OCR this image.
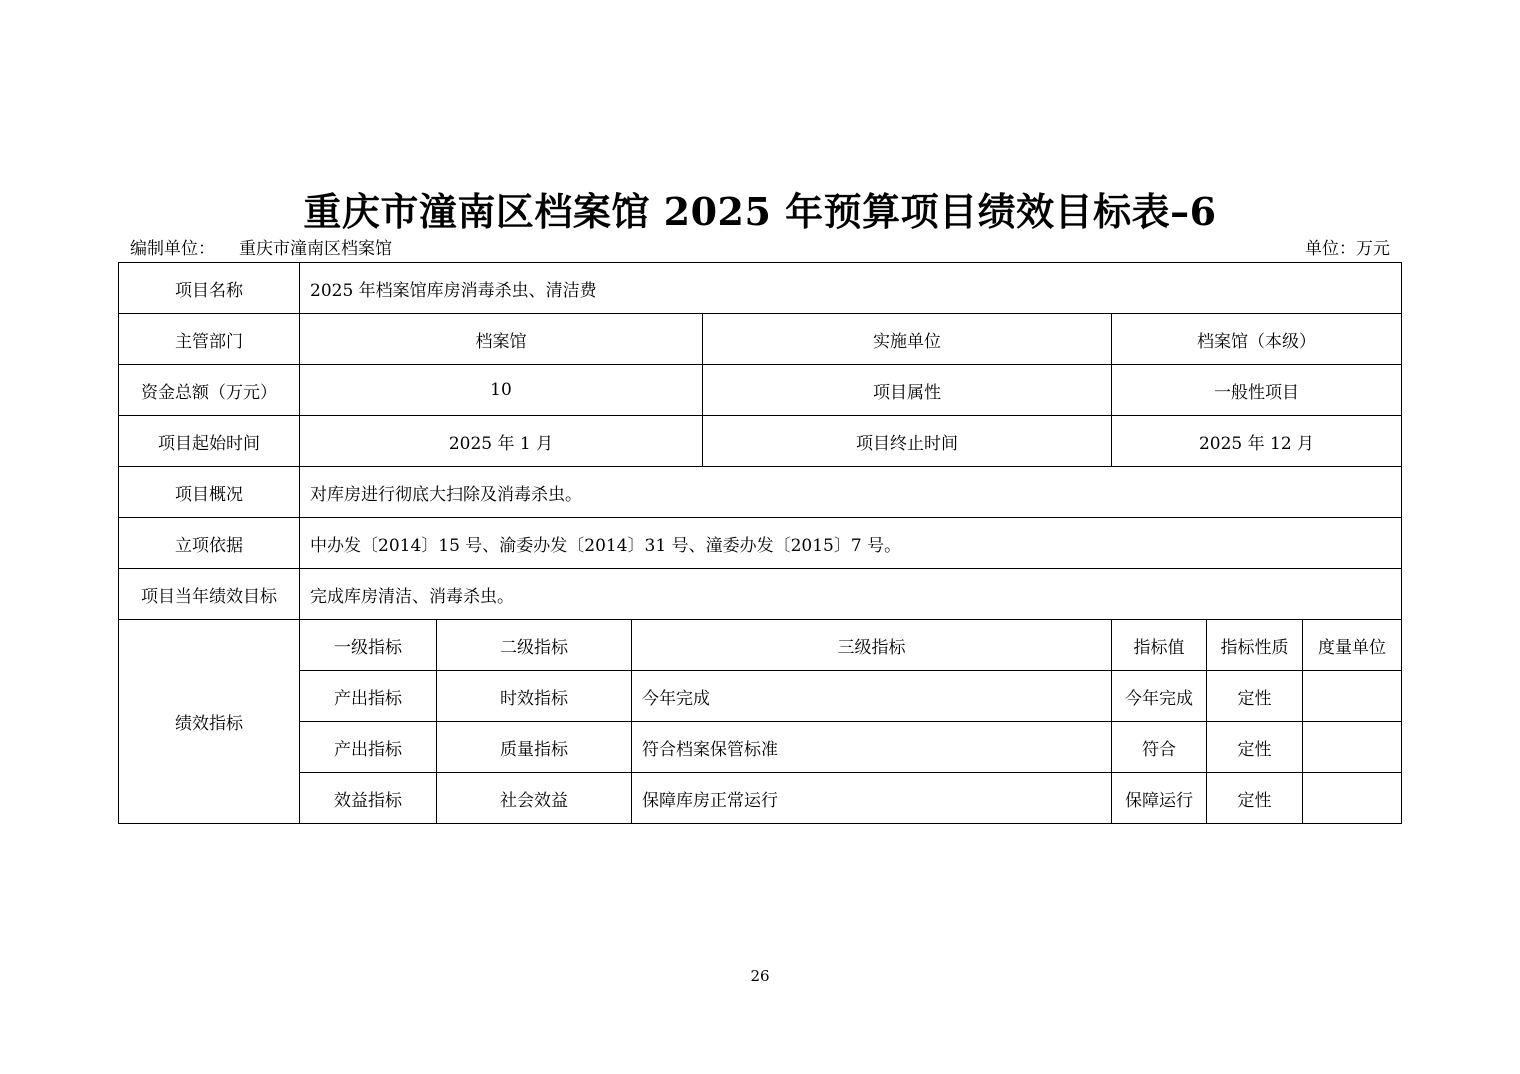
重庆市潼南区档案馆 2025 年预算项目绩效目标表–6
编制单位： 重庆市潼南区档案馆	单位：万元
项目名称	2025 年档案馆库房消毒杀虫、清洁费						
主管部门	档案馆			实施单位	档案馆（本级）		
资金总额（万元）	10			项目属性	一般性项目		
项目起始时间	2025 年 1 月			项目终止时间	2025 年 12 月		
项目概况	对库房进行彻底大扫除及消毒杀虫。						
立项依据	中办发〔2014〕15 号、渝委办发〔2014〕31 号、潼委办发〔2015〕7 号。						
项目当年绩效目标	完成库房清洁、消毒杀虫。						
绩效指标	一级指标	二级指标	三级指标		指标值	指标性质	度量单位
	产出指标	时效指标	今年完成		今年完成	定性	
	产出指标	质量指标	符合档案保管标准		符合	定性	
	效益指标	社会效益	保障库房正常运行		保障运行	定性	
26
